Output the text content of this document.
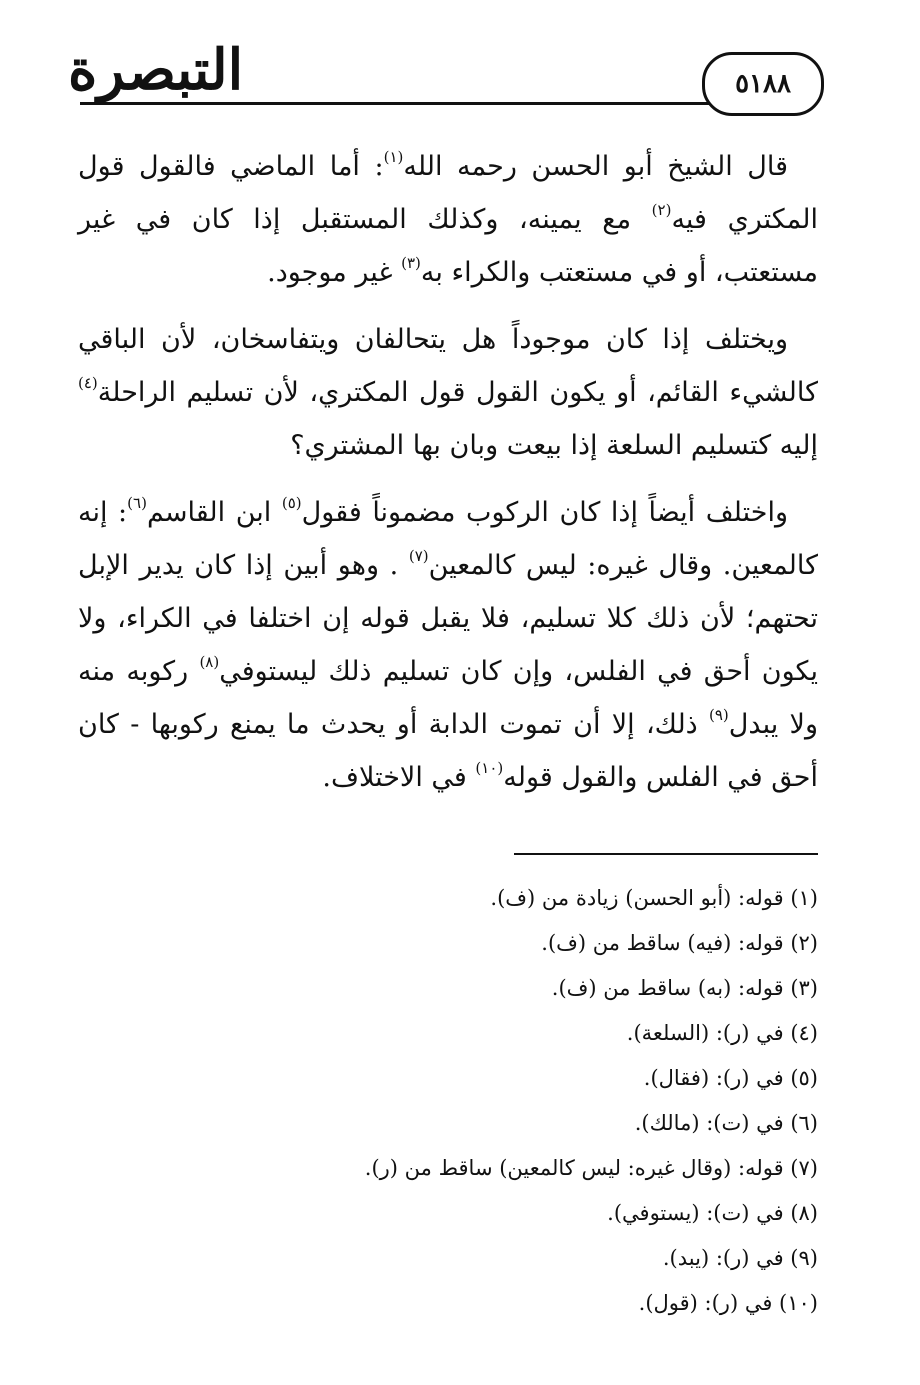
التبصرة	٥١٨٨

قال الشيخ أبو الحسن رحمه الله$^{(١)}$: أما الماضي فالقول قول المكتري فيه$^{(٢)}$ مع يمينه، وكذلك المستقبل إذا كان في غير مستعتب، أو في مستعتب والكراء به$^{(٣)}$ غير موجود.

ويختلف إذا كان موجوداً هل يتحالفان ويتفاسخان، لأن الباقي كالشيء القائم، أو يكون القول قول المكتري، لأن تسليم الراحلة$^{(٤)}$ إليه كتسليم السلعة إذا بيعت وبان بها المشتري؟

واختلف أيضاً إذا كان الركوب مضموناً فقول$^{(٥)}$ ابن القاسم$^{(٦)}$: إنه كالمعين. وقال غيره: ليس كالمعين$^{(٧)}$ . وهو أبين إذا كان يدير الإبل تحتهم؛ لأن ذلك كلا تسليم، فلا يقبل قوله إن اختلفا في الكراء، ولا يكون أحق في الفلس، وإن كان تسليم ذلك ليستوفي$^{(٨)}$ ركوبه منه ولا يبدل$^{(٩)}$ ذلك، إلا أن تموت الدابة أو يحدث ما يمنع ركوبها - كان أحق في الفلس والقول قوله$^{(١٠)}$ في الاختلاف.

(١) قوله: (أبو الحسن) زيادة من (ف).

(٢) قوله: (فيه) ساقط من (ف).

(٣) قوله: (به) ساقط من (ف).

(٤) في (ر): (السلعة).

(٥) في (ر): (فقال).

(٦) في (ت): (مالك).

(٧) قوله: (وقال غيره: ليس كالمعين) ساقط من (ر).

(٨) في (ت): (يستوفي).

(٩) في (ر): (يبد).

(١٠) في (ر): (قول).
